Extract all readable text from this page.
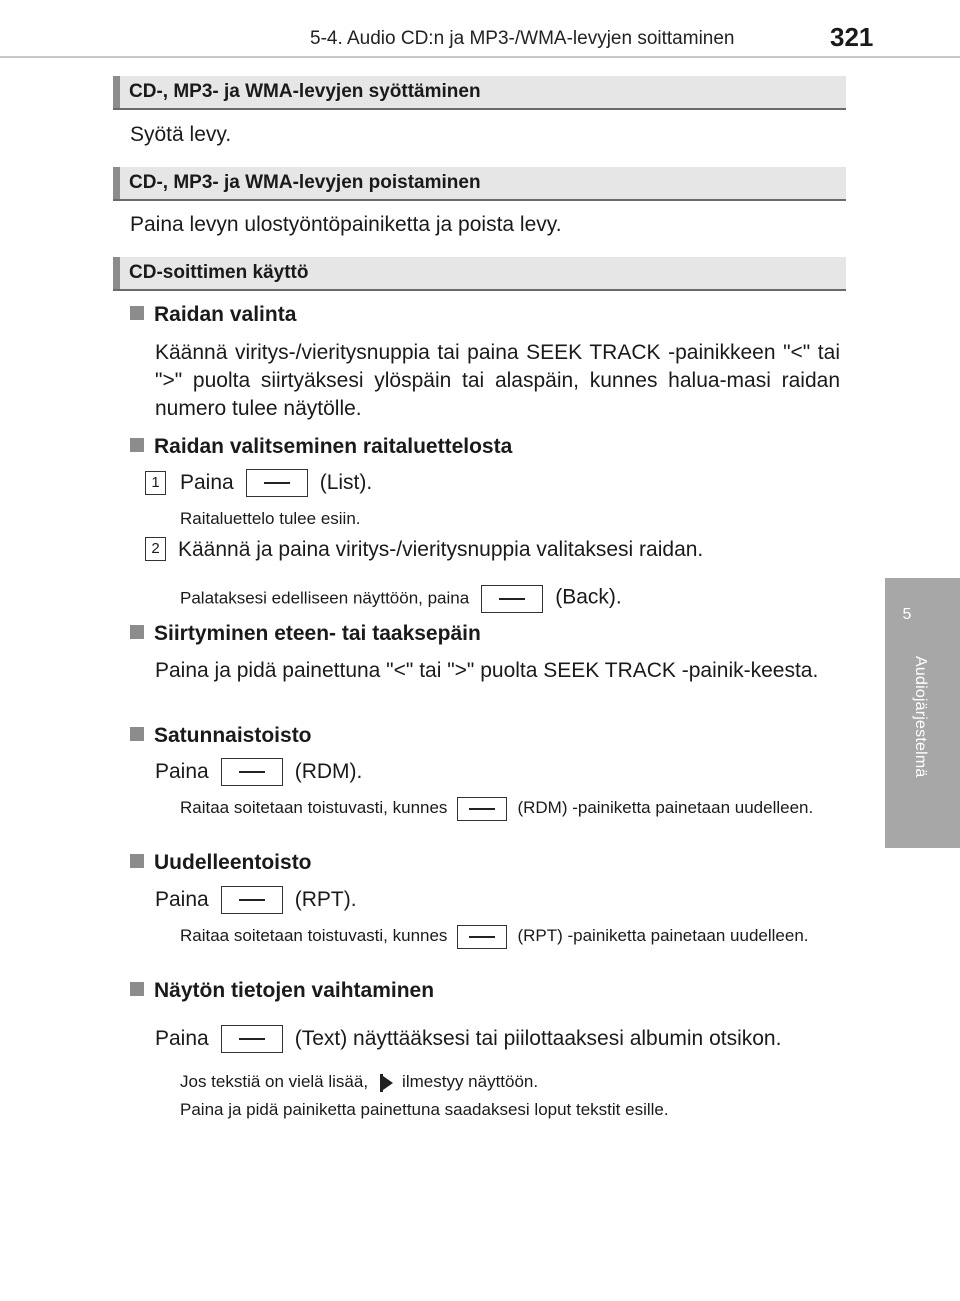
5-4. Audio CD:n ja MP3-/WMA-levyjen soittaminen	321
5
Audiojärjestelmä
CD-, MP3- ja WMA-levyjen syöttäminen
Syötä levy.
CD-, MP3- ja WMA-levyjen poistaminen
Paina levyn ulostyöntöpainiketta ja poista levy.
CD-soittimen käyttö
Raidan valinta
Käännä viritys-/vieritysnuppia tai paina SEEK TRACK -painikkeen "<" tai ">" puolta siirtyäksesi ylöspäin tai alaspäin, kunnes halua-masi raidan numero tulee näytölle.
Raidan valitseminen raitaluettelosta
1 Paina	(List).
Raitaluettelo tulee esiin.
2 Käännä ja paina viritys-/vieritysnuppia valitaksesi raidan.
Palataksesi edelliseen näyttöön, paina	(Back).
Siirtyminen eteen- tai taaksepäin
Paina ja pidä painettuna "<" tai ">" puolta SEEK TRACK -painik-keesta.
Satunnaistoisto
Paina	(RDM).
Raitaa soitetaan toistuvasti, kunnes	(RDM) -painiketta painetaan uudelleen.
Uudelleentoisto
Paina	(RPT).
Raitaa soitetaan toistuvasti, kunnes	(RPT) -painiketta painetaan uudelleen.
Näytön tietojen vaihtaminen
Paina	(Text) näyttääksesi tai piilottaaksesi albumin otsikon.
Jos tekstiä on vielä lisää, ilmestyy näyttöön.
Paina ja pidä painiketta painettuna saadaksesi loput tekstit esille.
